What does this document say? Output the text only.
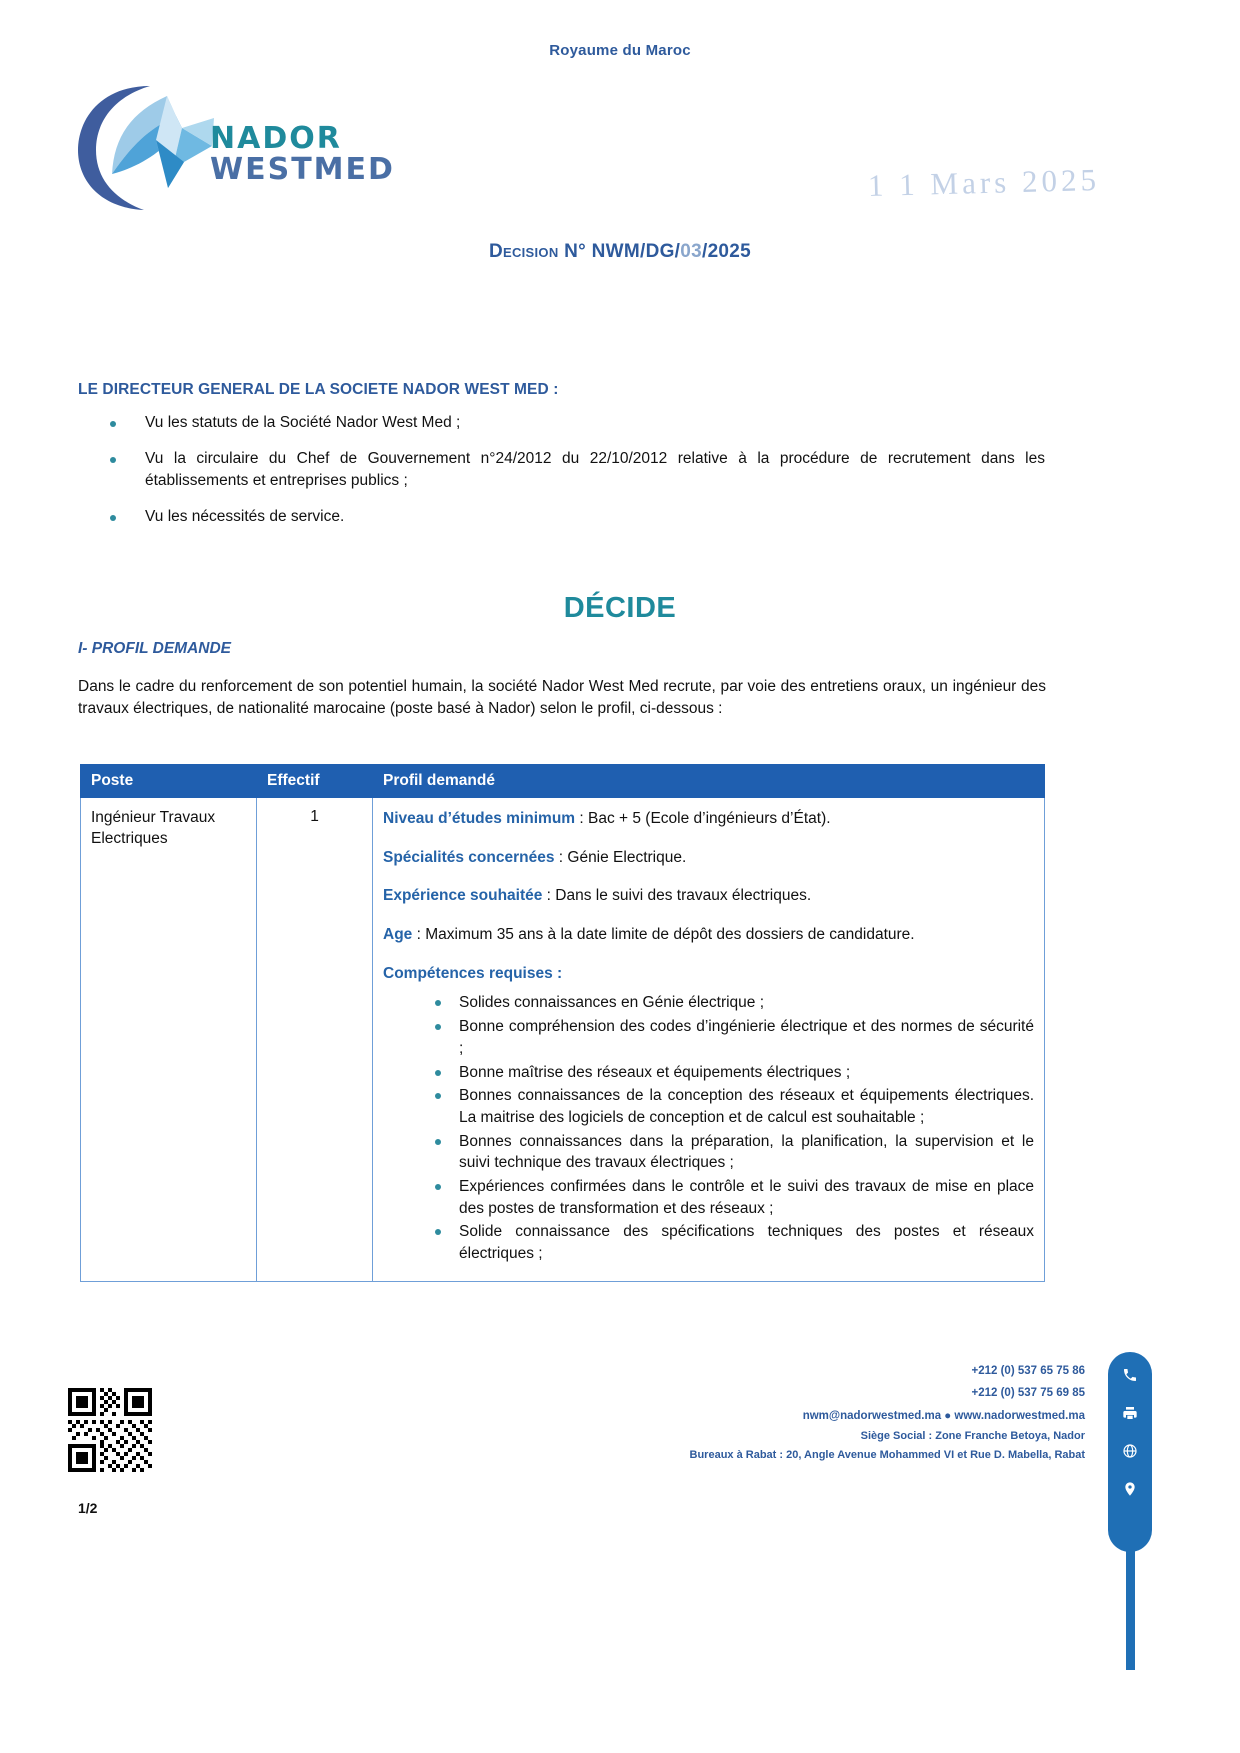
Royaume du Maroc
NADOR
WESTMED	1 1 Mars 2025
Decision N° NWM/DG/03/2025
LE DIRECTEUR GENERAL DE LA SOCIETE NADOR WEST MED :
Vu les statuts de la Société Nador West Med ;
Vu la circulaire du Chef de Gouvernement n°24/2012 du 22/10/2012 relative à la procédure de recrutement dans les établissements et entreprises publics ;
Vu les nécessités de service.
DÉCIDE
I- PROFIL DEMANDE
Dans le cadre du renforcement de son potentiel humain, la société Nador West Med recrute, par voie des entretiens oraux, un ingénieur des travaux électriques, de nationalité marocaine (poste basé à Nador) selon le profil, ci-dessous :
Poste	Effectif	Profil demandé
Ingénieur Travaux Electriques	1	Niveau d’études minimum : Bac + 5 (Ecole d’ingénieurs d’État).

Spécialités concernées : Génie Electrique.

Expérience souhaitée : Dans le suivi des travaux électriques.

Age : Maximum 35 ans à la date limite de dépôt des dossiers de candidature.

Compétences requises :

Solides connaissances en Génie électrique ;
Bonne compréhension des codes d’ingénierie électrique et des normes de sécurité ;
Bonne maîtrise des réseaux et équipements électriques ;
Bonnes connaissances de la conception des réseaux et équipements électriques. La maitrise des logiciels de conception et de calcul est souhaitable ;
Bonnes connaissances dans la préparation, la planification, la supervision et le suivi technique des travaux électriques ;
Expériences confirmées dans le contrôle et le suivi des travaux de mise en place des postes de transformation et des réseaux ;
Solide connaissance des spécifications techniques des postes et réseaux électriques ;
1/2
+212 (0) 537 65 75 86
+212 (0) 537 75 69 85
nwm@nadorwestmed.ma ● www.nadorwestmed.ma
Siège Social : Zone Franche Betoya, Nador
Bureaux à Rabat : 20, Angle Avenue Mohammed VI et Rue D. Mabella, Rabat
